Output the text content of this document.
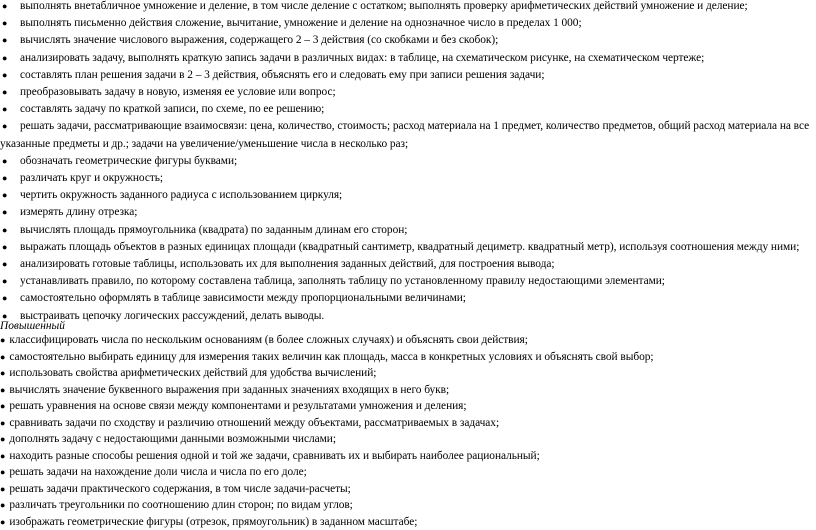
● выполнять внетабличное умножение и деление, в том числе деление с остатком; выполнять проверку арифметических действий умножение и деление;
● выполнять письменно действия сложение, вычитание, умножение и деление на однозначное число в пределах 1 000;
● вычислять значение числового выражения, содержащего 2 – 3 действия (со скобками и без скобок);
● анализировать задачу, выполнять краткую запись задачи в различных видах: в таблице, на схематическом рисунке, на схематическом чертеже;
● составлять план решения задачи в 2 – 3 действия, объяснять его и следовать ему при записи решения задачи;
● преобразовывать задачу в новую, изменяя ее условие или вопрос;
● составлять задачу по краткой записи, по схеме, по ее решению;
●	решать задачи, рассматривающие взаимосвязи: цена, количество, стоимость; расход материала на 1 предмет, количество предметов, общий расход материала на все указанные предметы и др.; задачи на увеличение/уменьшение числа в несколько раз;
● обозначать геометрические фигуры буквами;
● различать круг и окружность;
● чертить окружность заданного радиуса с использованием циркуля;
● измерять длину отрезка;
● вычислять площадь прямоугольника (квадрата) по заданным длинам его сторон;
● выражать площадь объектов в разных единицах площади (квадратный сантиметр, квадратный дециметр. квадратный метр), используя соотношения между ними;
● анализировать готовые таблицы, использовать их для выполнения заданных действий, для построения вывода;
● устанавливать правило, по которому составлена таблица, заполнять таблицу по установленному правилу недостающими элементами;
● самостоятельно оформлять в таблице зависимости между пропорциональными величинами;
● выстраивать цепочку логических рассуждений, делать выводы.
Повышенный
● классифицировать числа по нескольким основаниям (в более сложных случаях) и объяснять свои действия;
● самостоятельно выбирать единицу для измерения таких величин как площадь, масса в конкретных условиях и объяснять свой выбор;
● использовать свойства арифметических действий для удобства вычислений;
● вычислять значение буквенного выражения при заданных значениях входящих в него букв;
● решать уравнения на основе связи между компонентами и результатами умножения и деления;
● сравнивать задачи по сходству и различию отношений между объектами, рассматриваемых в задачах;
● дополнять задачу с недостающими данными возможными числами;
● находить разные способы решения одной и той же задачи, сравнивать их и выбирать наиболее рациональный;
● решать задачи на нахождение доли числа и числа по его доле;
● решать задачи практического содержания, в том числе задачи-расчеты;
● различать треугольники по соотношению длин сторон; по видам углов;
● изображать геометрические фигуры (отрезок, прямоугольник) в заданном масштабе;
